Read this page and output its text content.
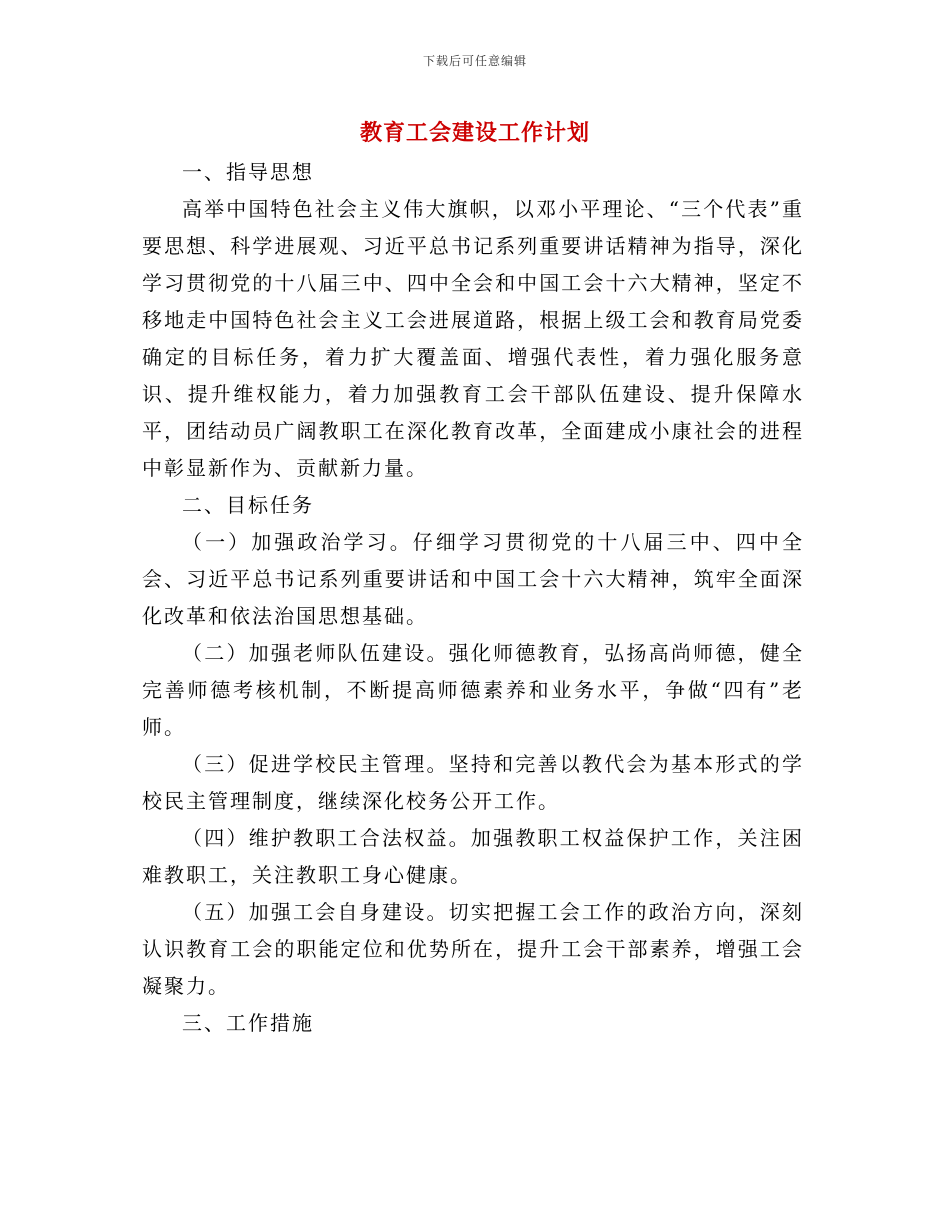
下载后可任意编辑
教育工会建设工作计划

一、指导思想

高举中国特色社会主义伟大旗帜，以邓小平理论、“三个代表”重要思想、科学进展观、习近平总书记系列重要讲话精神为指导，深化学习贯彻党的十八届三中、四中全会和中国工会十六大精神，坚定不移地走中国特色社会主义工会进展道路，根据上级工会和教育局党委确定的目标任务，着力扩大覆盖面、增强代表性，着力强化服务意识、提升维权能力，着力加强教育工会干部队伍建设、提升保障水平，团结动员广阔教职工在深化教育改革，全面建成小康社会的进程中彰显新作为、贡献新力量。

二、目标任务

（一）加强政治学习。仔细学习贯彻党的十八届三中、四中全会、习近平总书记系列重要讲话和中国工会十六大精神，筑牢全面深化改革和依法治国思想基础。

（二）加强老师队伍建设。强化师德教育，弘扬高尚师德，健全完善师德考核机制，不断提高师德素养和业务水平，争做“四有”老师。

（三）促进学校民主管理。坚持和完善以教代会为基本形式的学校民主管理制度，继续深化校务公开工作。

（四）维护教职工合法权益。加强教职工权益保护工作，关注困难教职工，关注教职工身心健康。

（五）加强工会自身建设。切实把握工会工作的政治方向，深刻认识教育工会的职能定位和优势所在，提升工会干部素养，增强工会凝聚力。

三、工作措施
